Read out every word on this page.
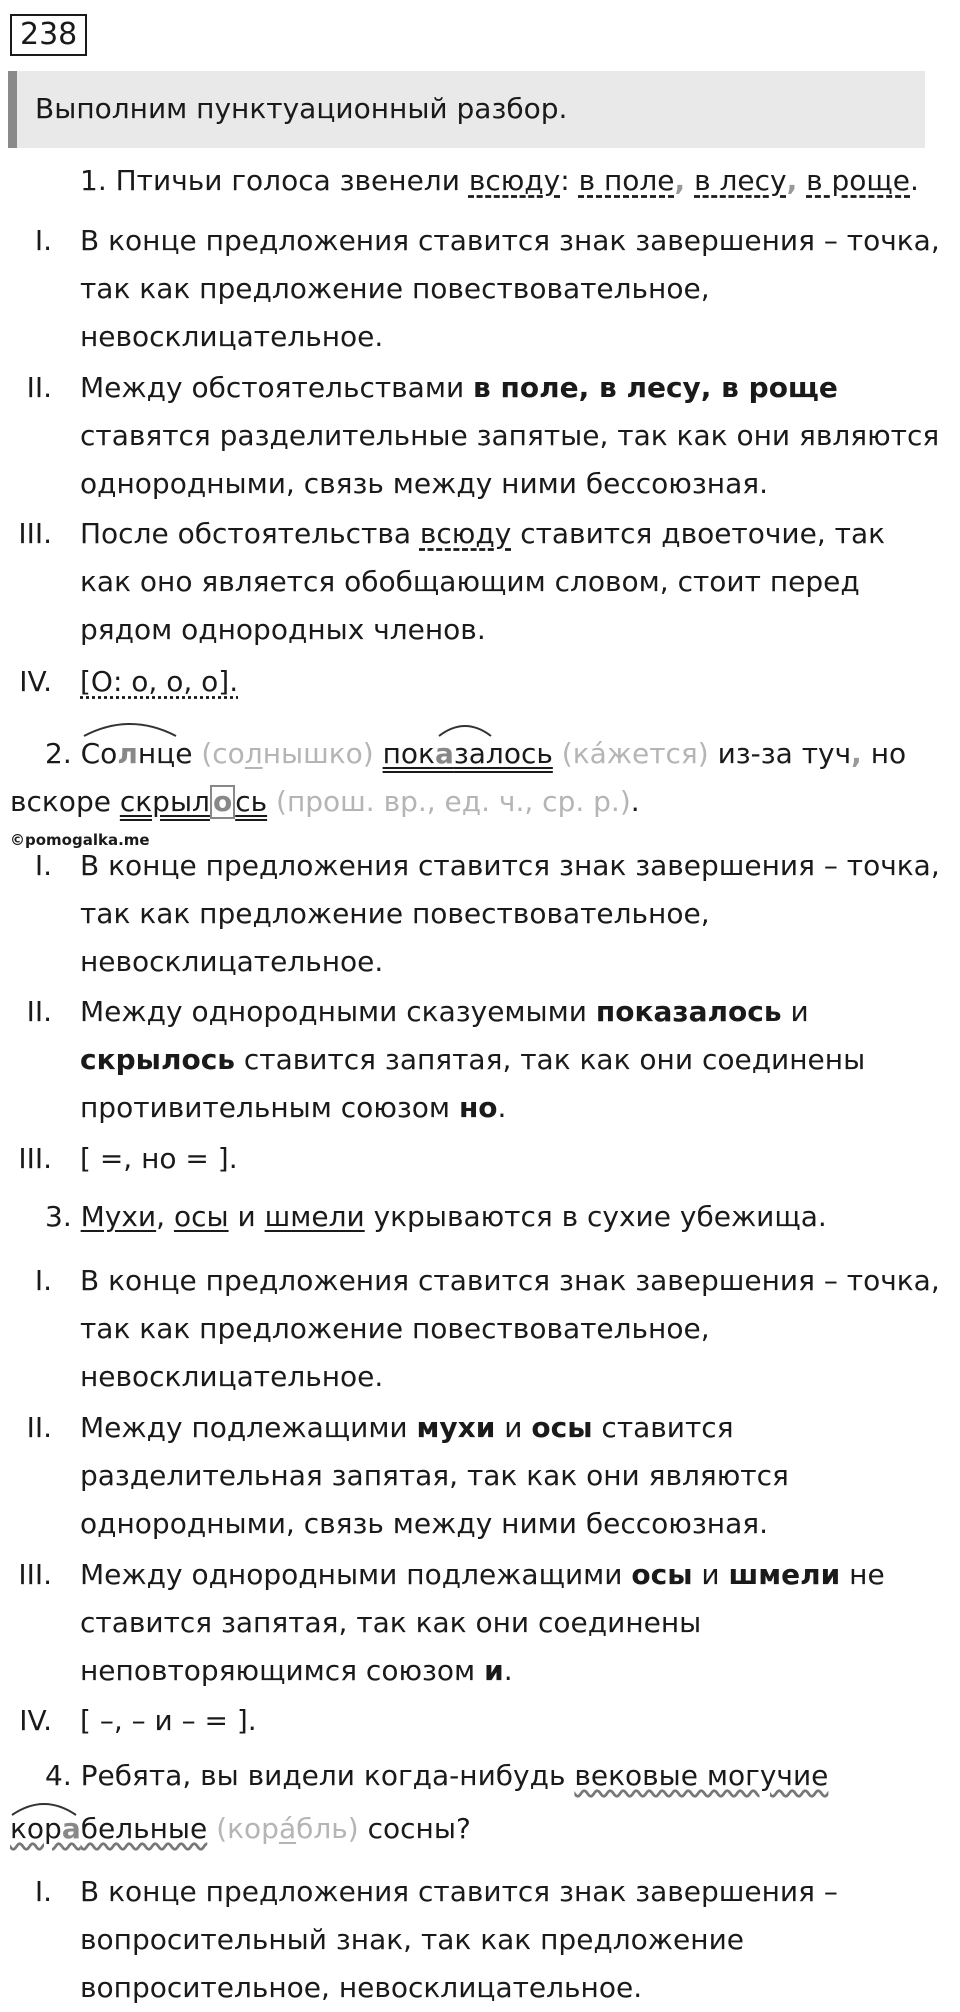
238
Выполним пунктуационный разбор.
1. Птичьи голоса звенели всюду: в поле, в лесу, в роще.
I. В конце предложения ставится знак завершения – точка, так как предложение повествовательное, невосклицательное.
II. Между обстоятельствами в поле, в лесу, в роще ставятся разделительные запятые, так как они являются однородными, связь между ними бессоюзная.
III. После обстоятельства всюду ставится двоеточие, так как оно является обобщающим словом, стоит перед рядом однородных членов.
IV. [О: о, о, о].
2. Солнце (солнышко) показалось (ка́жется) из-за туч, но
вскоре скрыл о сь (прош. вр., ед. ч., ср. р.).
©pomogalka.me
I. В конце предложения ставится знак завершения – точка, так как предложение повествовательное, невосклицательное.
II. Между однородными сказуемыми показалось и скрылось ставится запятая, так как они соединены противительным союзом но.
III. [ =, но = ].
3. Мухи, осы и шмели укрываются в сухие убежища.
I. В конце предложения ставится знак завершения – точка, так как предложение повествовательное, невосклицательное.
II. Между подлежащими мухи и осы ставится разделительная запятая, так как они являются однородными, связь между ними бессоюзная.
III. Между однородными подлежащими осы и шмели не ставится запятая, так как они соединены неповторяющимся союзом и.
IV. [ –, – и – = ].
4. Ребята, вы видели когда-нибудь вековые могучие
корабельные (кора́бль) сосны?
I. В конце предложения ставится знак завершения – вопросительный знак, так как предложение вопросительное, невосклицательное.
